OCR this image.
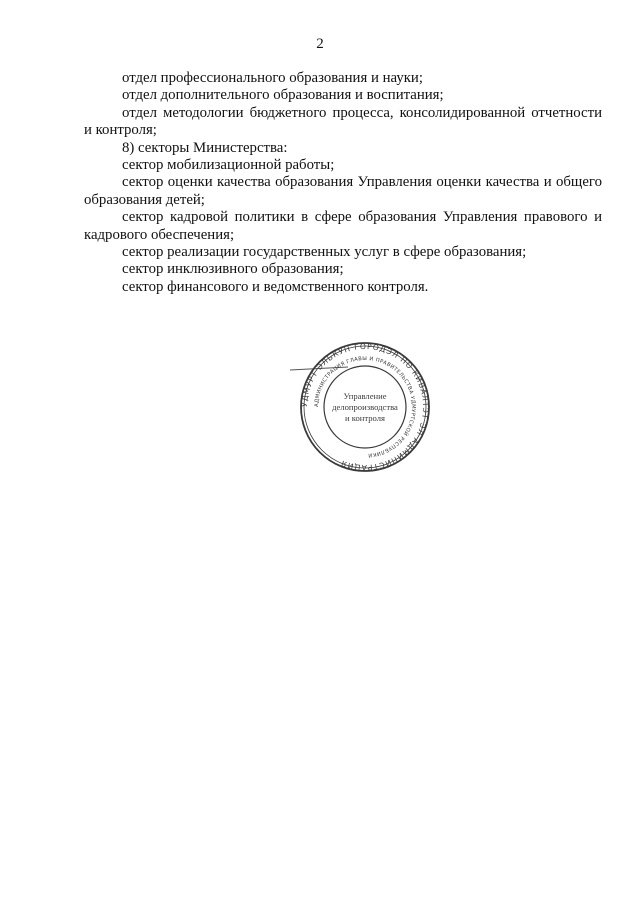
2

отдел профессионального образования и науки;

отдел дополнительного образования и воспитания;

отдел методологии бюджетного процесса, консолидированной отчетности и контроля;

8) секторы Министерства:

сектор мобилизационной работы;

сектор оценки качества образования Управления оценки качества и общего образования детей;

сектор кадровой политики в сфере образования Управления правового и кадрового обеспечения;

сектор реализации государственных услуг в сфере образования;

сектор инклюзивного образования;

сектор финансового и ведомственного контроля.

УДМУРТ ЭЛЬКУН ГОРОДЭЛ НО КИВАЛТЭТ ЭЛ АДМИНИСТРАЦИЯ
АДМИНИСТРАЦИЯ ГЛАВЫ И ПРАВИТЕЛЬСТВА УДМУРТСКОЙ РЕСПУБЛИКИ
Управление
делопроизводства
и контроля
